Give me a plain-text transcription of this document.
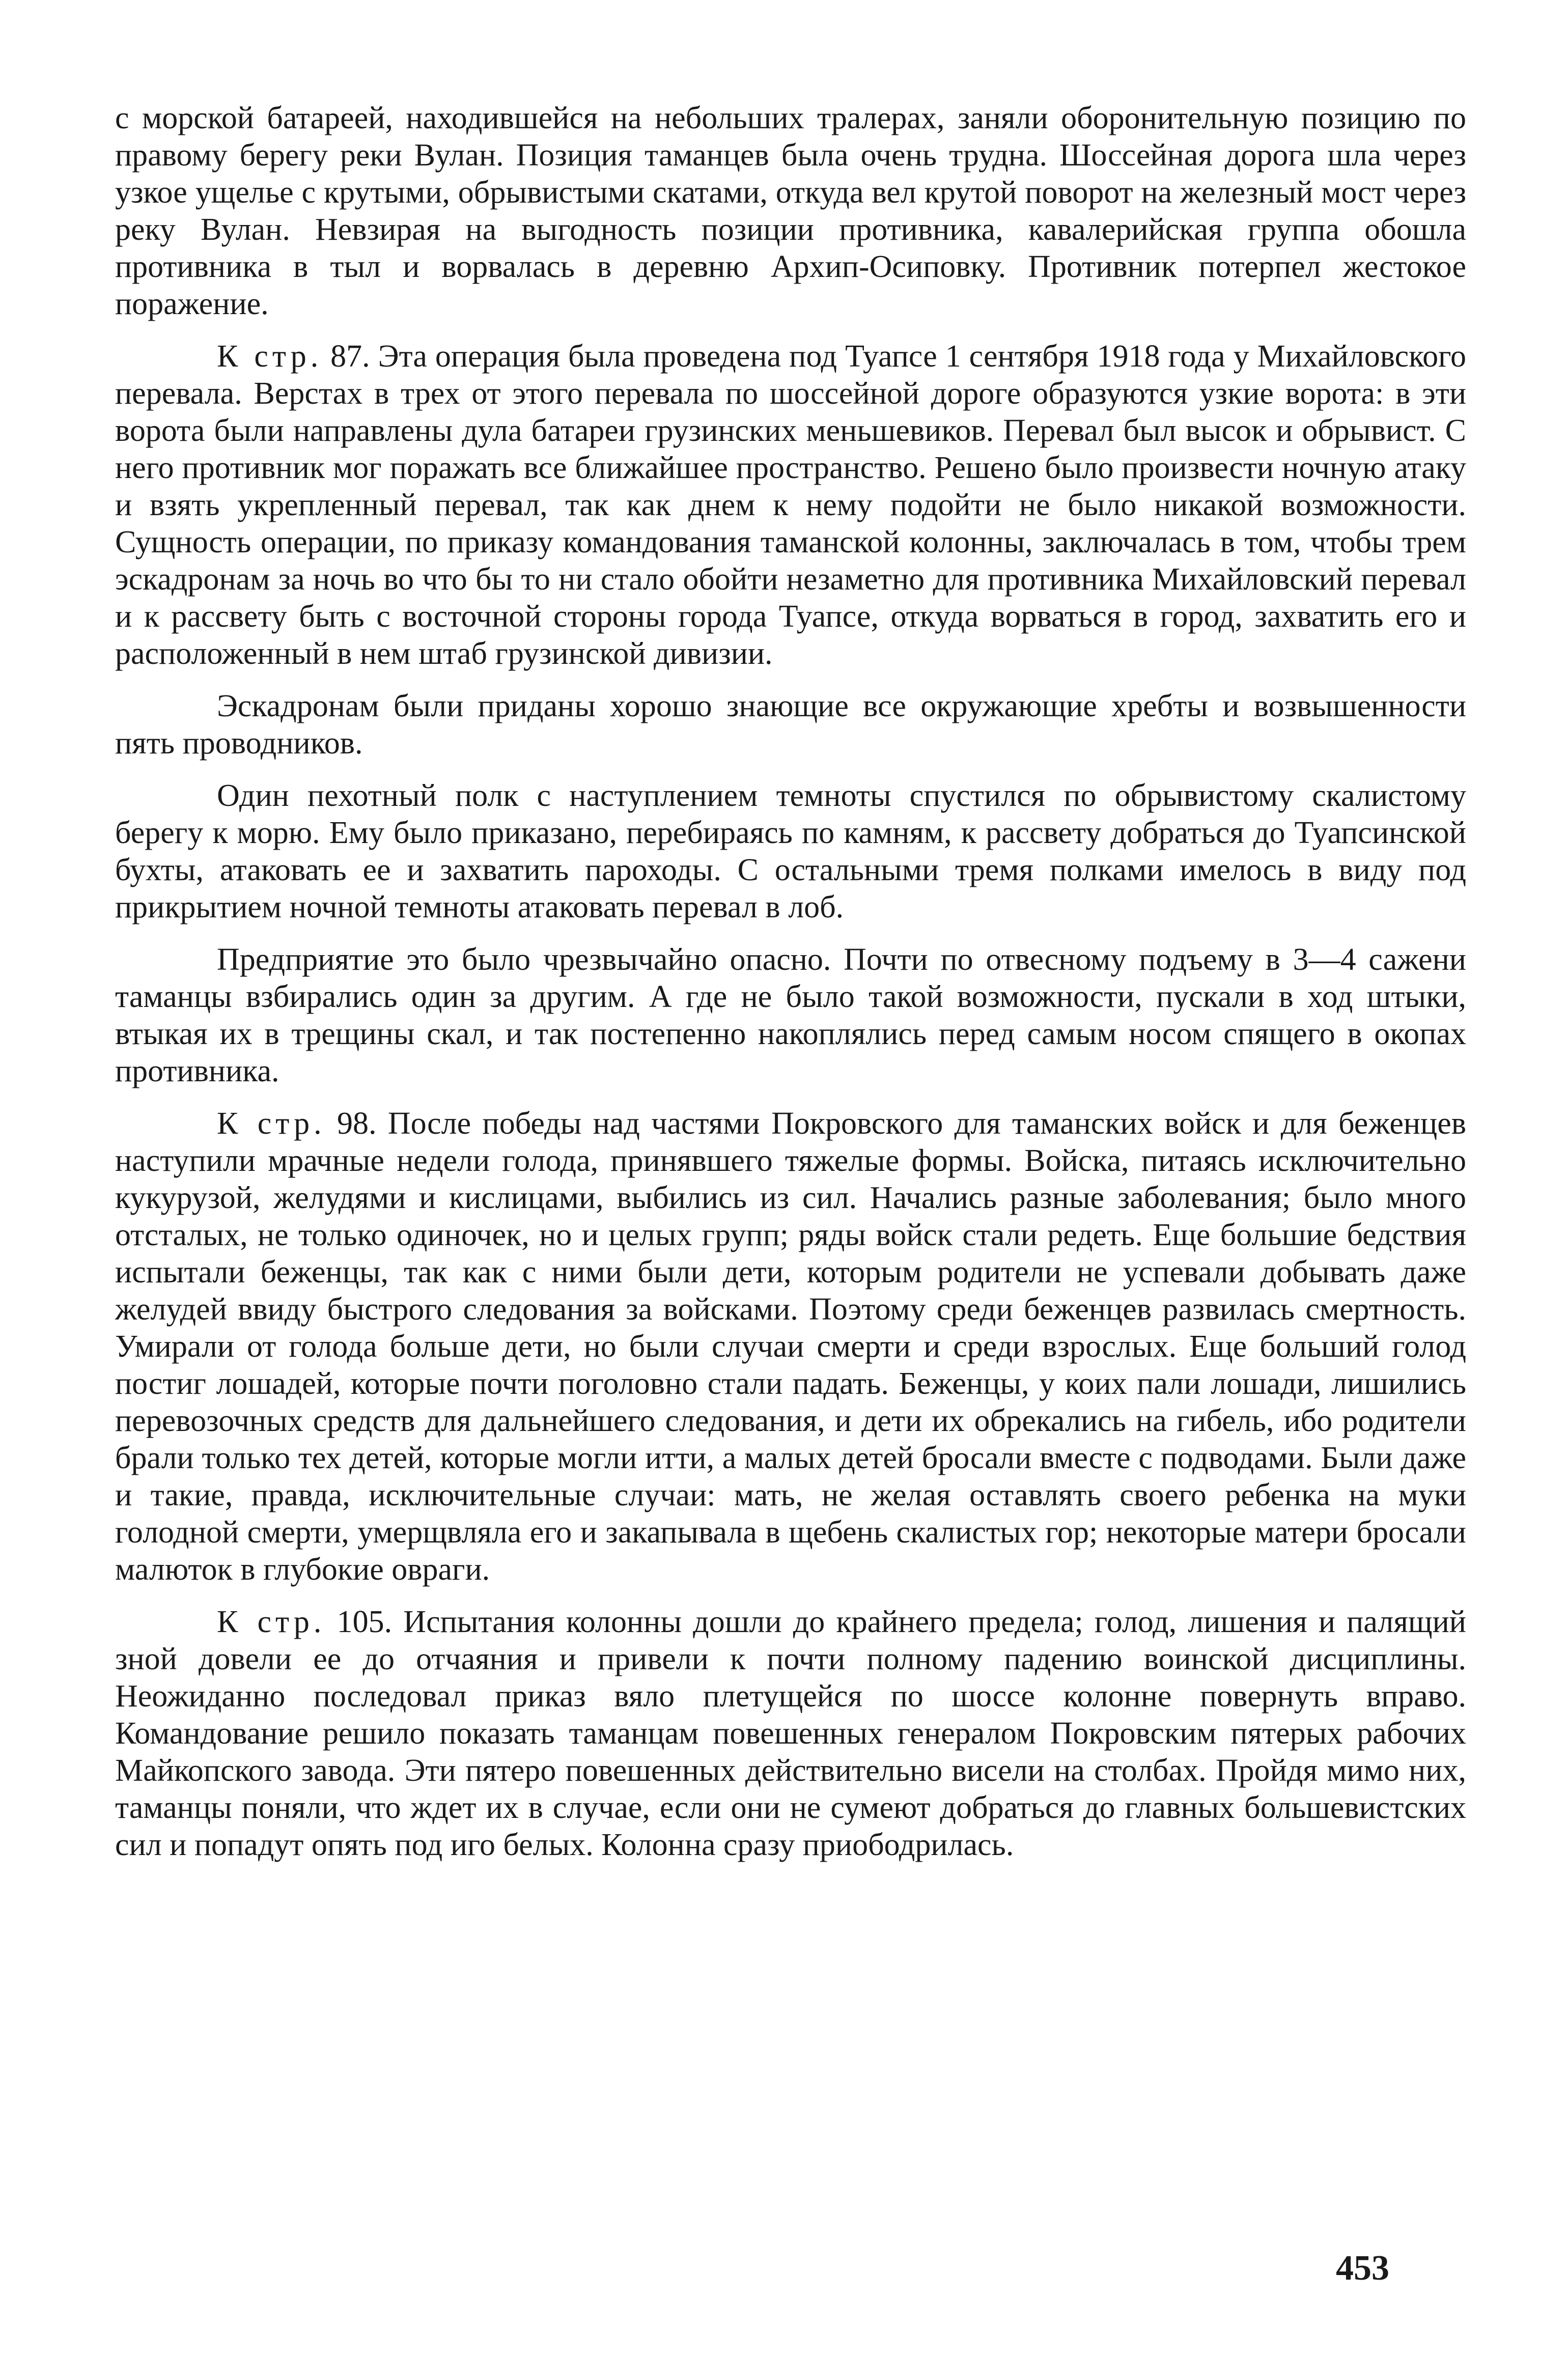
с морской батареей, находившейся на небольших тралерах, заняли оборонительную позицию по правому берегу реки Вулан. Позиция таманцев была очень трудна. Шоссейная дорога шла через узкое ущелье с крутыми, обрывистыми скатами, откуда вел крутой поворот на железный мост через реку Вулан. Невзирая на выгодность позиции противника, кавалерийская группа обошла противника в тыл и ворвалась в деревню Архип-Осиповку. Противник потерпел жестокое поражение.

К стр. 87. Эта операция была проведена под Туапсе 1 сентября 1918 года у Михайловского перевала. Верстах в трех от этого перевала по шоссейной дороге образуются узкие ворота: в эти ворота были направлены дула батареи грузинских меньшевиков. Перевал был высок и обрывист. С него противник мог поражать все ближайшее пространство. Решено было произвести ночную атаку и взять укрепленный перевал, так как днем к нему подойти не было никакой возможности. Сущность операции, по приказу командования таманской колонны, заключалась в том, чтобы трем эскадронам за ночь во что бы то ни стало обойти незаметно для противника Михайловский перевал и к рассвету быть с восточной стороны города Туапсе, откуда ворваться в город, захватить его и расположенный в нем штаб грузинской дивизии.

Эскадронам были приданы хорошо знающие все окружающие хребты и возвышенности пять проводников.

Один пехотный полк с наступлением темноты спустился по обрывистому скалистому берегу к морю. Ему было приказано, перебираясь по камням, к рассвету добраться до Туапсинской бухты, атаковать ее и захватить пароходы. С остальными тремя полками имелось в виду под прикрытием ночной темноты атаковать перевал в лоб.

Предприятие это было чрезвычайно опасно. Почти по отвесному подъему в 3—4 сажени таманцы взбирались один за другим. А где не было такой возможности, пускали в ход штыки, втыкая их в трещины скал, и так постепенно накоплялись перед самым носом спящего в окопах противника.

К стр. 98. После победы над частями Покровского для таманских войск и для беженцев наступили мрачные недели голода, принявшего тяжелые формы. Войска, питаясь исключительно кукурузой, желудями и кислицами, выбились из сил. Начались разные заболевания; было много отсталых, не только одиночек, но и целых групп; ряды войск стали редеть. Еще большие бедствия испытали беженцы, так как с ними были дети, которым родители не успевали добывать даже желудей ввиду быстрого следования за войсками. Поэтому среди беженцев развилась смертность. Умирали от голода больше дети, но были случаи смерти и среди взрослых. Еще больший голод постиг лошадей, которые почти поголовно стали падать. Беженцы, у коих пали лошади, лишились перевозочных средств для дальнейшего следования, и дети их обрекались на гибель, ибо родители брали только тех детей, которые могли итти, а малых детей бросали вместе с подводами. Были даже и такие, правда, исключительные случаи: мать, не желая оставлять своего ребенка на муки голодной смерти, умерщвляла его и закапывала в щебень скалистых гор; некоторые матери бросали малюток в глубокие овраги.

К стр. 105. Испытания колонны дошли до крайнего предела; голод, лишения и палящий зной довели ее до отчаяния и привели к почти полному падению воинской дисциплины. Неожиданно последовал приказ вяло плетущейся по шоссе колонне повернуть вправо. Командование решило показать таманцам повешенных генералом Покровским пятерых рабочих Майкопского завода. Эти пятеро повешенных действительно висели на столбах. Пройдя мимо них, таманцы поняли, что ждет их в случае, если они не сумеют добраться до главных большевистских сил и попадут опять под иго белых. Колонна сразу приободрилась.

453
